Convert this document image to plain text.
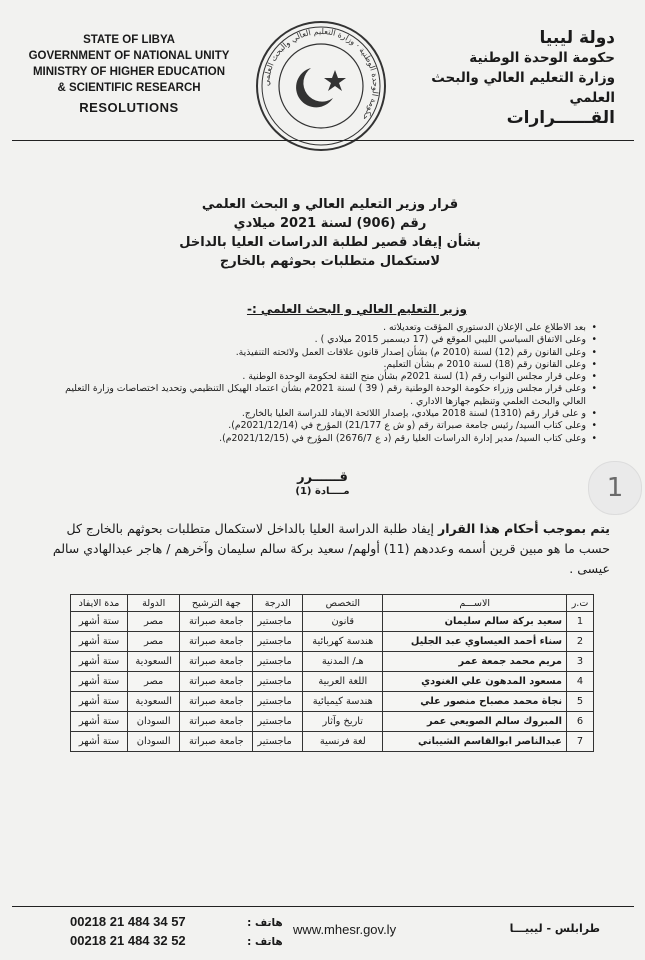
STATE OF LIBYA
GOVERNMENT OF NATIONAL UNITY
MINISTRY OF HIGHER EDUCATION
& SCIENTIFIC RESEARCH
RESOLUTIONS
حكومة الوحدة الوطنية · وزارة التعليم العالي والبحث العلمي
دولة ليبيا
حكومة الوحدة الوطنية
وزارة التعليم العالي والبحث العلمي
القــــــرارات
قرار وزير التعليم العالي و البحث العلمي
رقم (906) لسنة 2021 ميلادي
بشأن إيفاد قصير لطلبة الدراسات العليا بالداخل
لاستكمال متطلبات بحوثهم بالخارج
وزير التعليم العالي و البحث العلمي :-
• بعد الاطلاع على الإعلان الدستوري المؤقت وتعديلاته .
• وعلى الاتفاق السياسي الليبي الموقع في (17 ديسمبر 2015 ميلادي ) .
• وعلى القانون رقم (12) لسنة (2010 م) بشأن إصدار قانون علاقات العمل ولائحته التنفيذية.
• وعلى القانون رقم (18) لسنة 2010 م بشأن التعليم.
• وعلى قرار مجلس النواب رقم (1) لسنة 2021م بشأن منح الثقة لحكومة الوحدة الوطنية .
• وعلى قرار مجلس وزراء حكومة الوحدة الوطنية رقم ( 39 ) لسنة 2021م بشأن اعتماد الهيكل التنظيمي وتحديد اختصاصات وزارة التعليم العالي والبحث العلمي وتنظيم جهازها الاداري .
• و على قرار رقم (1310) لسنة 2018 ميلادي، بإصدار اللائحة الايفاد للدراسة العليا بالخارج.
• وعلى كتاب السيد/ رئيس جامعة صبراتة رقم (و ش ع 21/177) المؤرخ في (2021/12/14م).
• وعلى كتاب السيد/ مدير إدارة الدراسات العليا رقم (د ع 2676/7) المؤرخ في (2021/12/15م).
قــــــرر
مــــادة (1)	1
يتم بموجب أحكام هذا القرار إيفاد طلبة الدراسة العليا بالداخل لاستكمال متطلبات بحوثهم بالخارج كل حسب ما هو مبين قرين أسمه وعددهم (11) أولهم/ سعيد بركة سالم سليمان وآخرهم / هاجر عبدالهادي سالم عيسى .
ت.ر	الاســـم	التخصص	الدرجة	جهة الترشيح	الدولة	مدة الايفاد
1	سعيد بركة سالم سليمان	قانون	ماجستير	جامعة صبراتة	مصر	ستة أشهر
2	سناء أحمد العيساوي عبد الجليل	هندسة كهربائية	ماجستير	جامعة صبراتة	مصر	ستة أشهر
3	مريم محمد جمعة عمر	هـ/ المدنية	ماجستير	جامعة صبراتة	السعودية	ستة أشهر
4	مسعود المدهون علي الغنودي	اللغة العربية	ماجستير	جامعة صبراتة	مصر	ستة أشهر
5	نجاة محمد مصباح منصور علي	هندسة كيميائية	ماجستير	جامعة صبراتة	السعودية	ستة أشهر
6	المبروك سالم الصويعي عمر	تاريخ وآثار	ماجستير	جامعة صبراتة	السودان	ستة أشهر
7	عبدالناصر ابوالقاسم الشيباني	لغة فرنسية	ماجستير	جامعة صبراتة	السودان	ستة أشهر
00218 21 484 34 57	هاتف :
00218 21 484 32 52	هاتف :
www.mhesr.gov.ly	طرابلس - ليبيـــا
